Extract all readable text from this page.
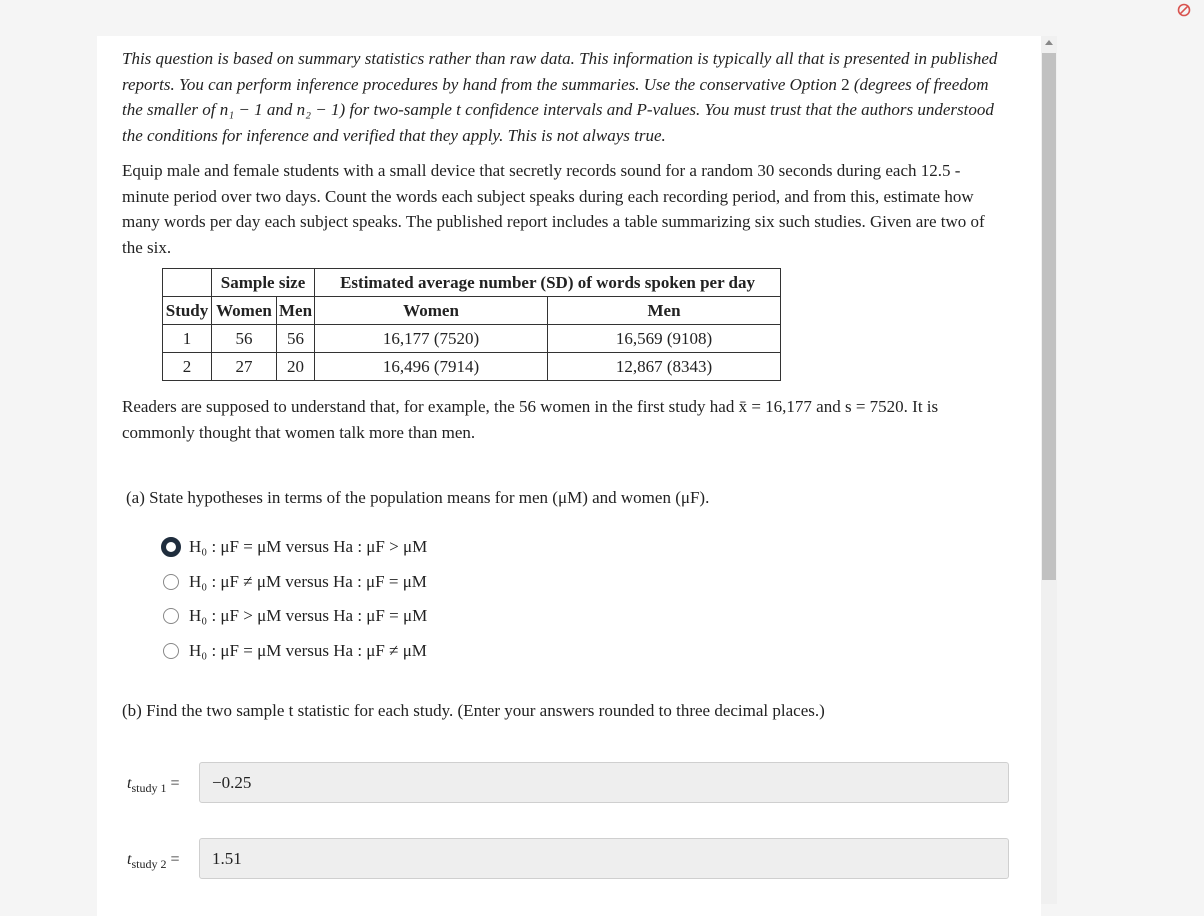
This question is based on summary statistics rather than raw data. This information is typically all that is presented in published reports. You can perform inference procedures by hand from the summaries. Use the conservative Option 2 (degrees of freedom the smaller of n₁ − 1 and n₂ − 1) for two-sample t confidence intervals and P-values. You must trust that the authors understood the conditions for inference and verified that they apply. This is not always true.

Equip male and female students with a small device that secretly records sound for a random 30 seconds during each 12.5 -minute period over two days. Count the words each subject speaks during each recording period, and from this, estimate how many words per day each subject speaks. The published report includes a table summarizing six such studies. Given are two of the six.

	Sample size		Estimated average number (SD) of words spoken per day	
Study	Women	Men	Women	Men
1	56	56	16,177 (7520)	16,569 (9108)
2	27	20	16,496 (7914)	12,867 (8343)

Readers are supposed to understand that, for example, the 56 women in the first study had x̄ = 16,177 and s = 7520. It is commonly thought that women talk more than men.

(a) State hypotheses in terms of the population means for men (μM) and women (μF).

H₀ : μF = μM versus Ha : μF > μM
H₀ : μF ≠ μM versus Ha : μF = μM
H₀ : μF > μM versus Ha : μF = μM
H₀ : μF = μM versus Ha : μF ≠ μM

(b) Find the two sample t statistic for each study. (Enter your answers rounded to three decimal places.)

$t_{study 1}$ =
−0.25
$t_{study 2}$ =
1.51
